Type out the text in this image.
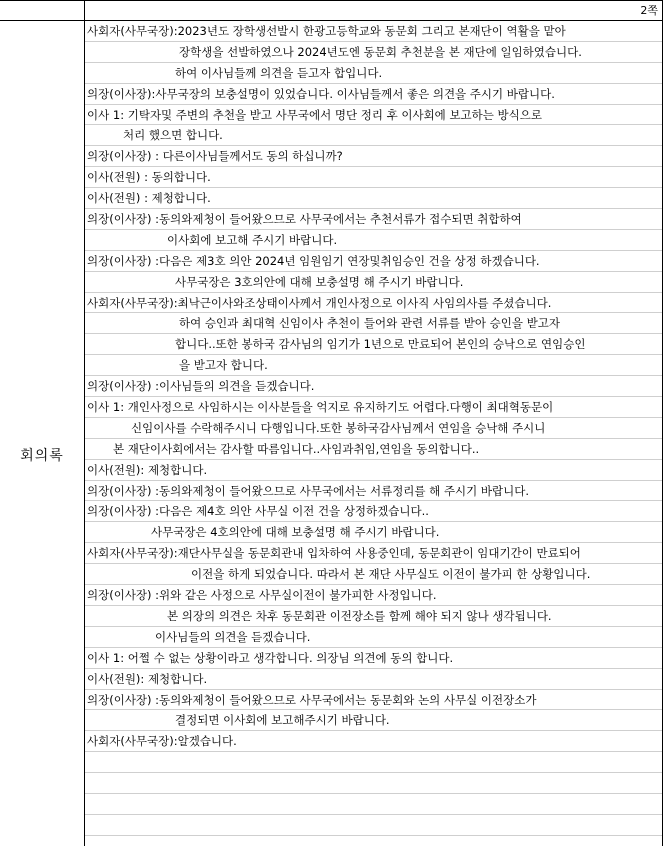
2쪽
회의록
사회자(사무국장):2023년도 장학생선발시 한광고등학교와 동문회 그리고 본재단이 역활을 맡아
장학생을 선발하였으나 2024년도엔 동문회 추천분을 본 재단에 일임하였습니다.
하여 이사님들께 의견을 듣고자 합입니다.
의장(이사장):사무국장의 보충설명이 있었습니다. 이사님들께서 좋은 의견을 주시기 바랍니다.
이사 1: 기탁자및 주변의 추천을 받고 사무국에서 명단 정리 후 이사회에 보고하는 방식으로
처리 했으면 합니다.
의장(이사장) : 다른이사님들께서도 동의 하십니까?
이사(전원) : 동의합니다.
이사(전원) : 제청합니다.
의장(이사장) :동의와제청이 들어왔으므로 사무국에서는 추천서류가 접수되면 취합하여
이사회에 보고해 주시기 바랍니다.
의장(이사장) :다음은 제3호 의안 2024년 임원임기 연장및취임승인 건을 상정 하겠습니다.
사무국장은 3호의안에 대해 보충설명 해 주시기 바랍니다.
사회자(사무국장):최낙근이사와조상태이사께서 개인사정으로 이사직 사임의사를 주셨습니다.
하여 승인과 최대혁 신임이사 추천이 들어와 관련 서류를 받아 승인을 받고자
합니다..또한 봉하국 감사님의 임기가 1년으로 만료되어 본인의 승낙으로 연임승인
을 받고자 합니다.
의장(이사장) :이사님들의 의견을 듣겠습니다.
이사 1: 개인사정으로 사임하시는 이사분들을 억지로 유지하기도 어렵다.다행이 최대혁동문이
신임이사를 수락해주시니 다행입니다.또한 봉하국감사님께서 연임을 승낙해 주시니
본 재단이사회에서는 감사할 따름입니다..사임과취임,연임을 동의합니다..
이사(전원): 제청합니다.
의장(이사장) :동의와제청이 들어왔으므로 사무국에서는 서류정리를 해 주시기 바랍니다.
의장(이사장) :다음은 제4호 의안 사무실 이전 건을 상정하겠습니다..
사무국장은 4호의안에 대해 보충설명 해 주시기 바랍니다.
사회자(사무국장):재단사무실을 동문회관내 입차하여 사용중인데, 동문회관이 임대기간이 만료되어
이전을 하게 되었습니다. 따라서 본 재단 사무실도 이전이 불가피 한 상황입니다.
의장(이사장) :위와 같은 사정으로 사무실이전이 불가피한 사정입니다.
본 의장의 의견은 차후 동문회관 이전장소를 함께 해야 되지 않나 생각됩니다.
이사님들의 의견을 듣겠습니다.
이사 1: 어쩔 수 없는 상황이라고 생각합니다. 의장님 의견에 동의 합니다.
이사(전원): 제청합니다.
의장(이사장) :동의와제청이 들어왔으므로 사무국에서는 동문회와 논의 사무실 이전장소가
결정되면 이사회에 보고해주시기 바랍니다.
사회자(사무국장):알겠습니다.
